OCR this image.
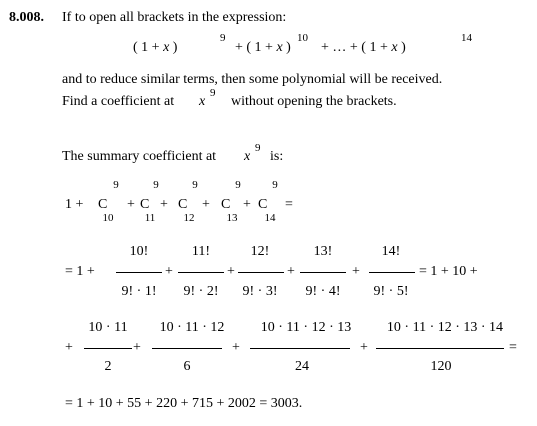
8.008. If to open all brackets in the expression:
( 1 + x )
9
+ ( 1 + x )
10
+ … + ( 1 + x )
14
and to reduce similar terms, then some polynomial will be received.
Find a coefficient at x
9
without opening the brackets.
The summary coefficient at x
9
is:
1 +
9
C
10
+
9
C
11
+
9
C
12
+
9
C
13
+
9
C
14
=
= 1 +
10!
9! · 1!
+
11!
9! · 2!
+
12!
9! · 3!
+
13!
9! · 4!
+
14!
9! · 5!
= 1 + 10 +
+
10 · 11
2
+
10 · 11 · 12
6
+
10 · 11 · 12 · 13
24
+
10 · 11 · 12 · 13 · 14
120
=
= 1 + 10 + 55 + 220 + 715 + 2002 = 3003.
